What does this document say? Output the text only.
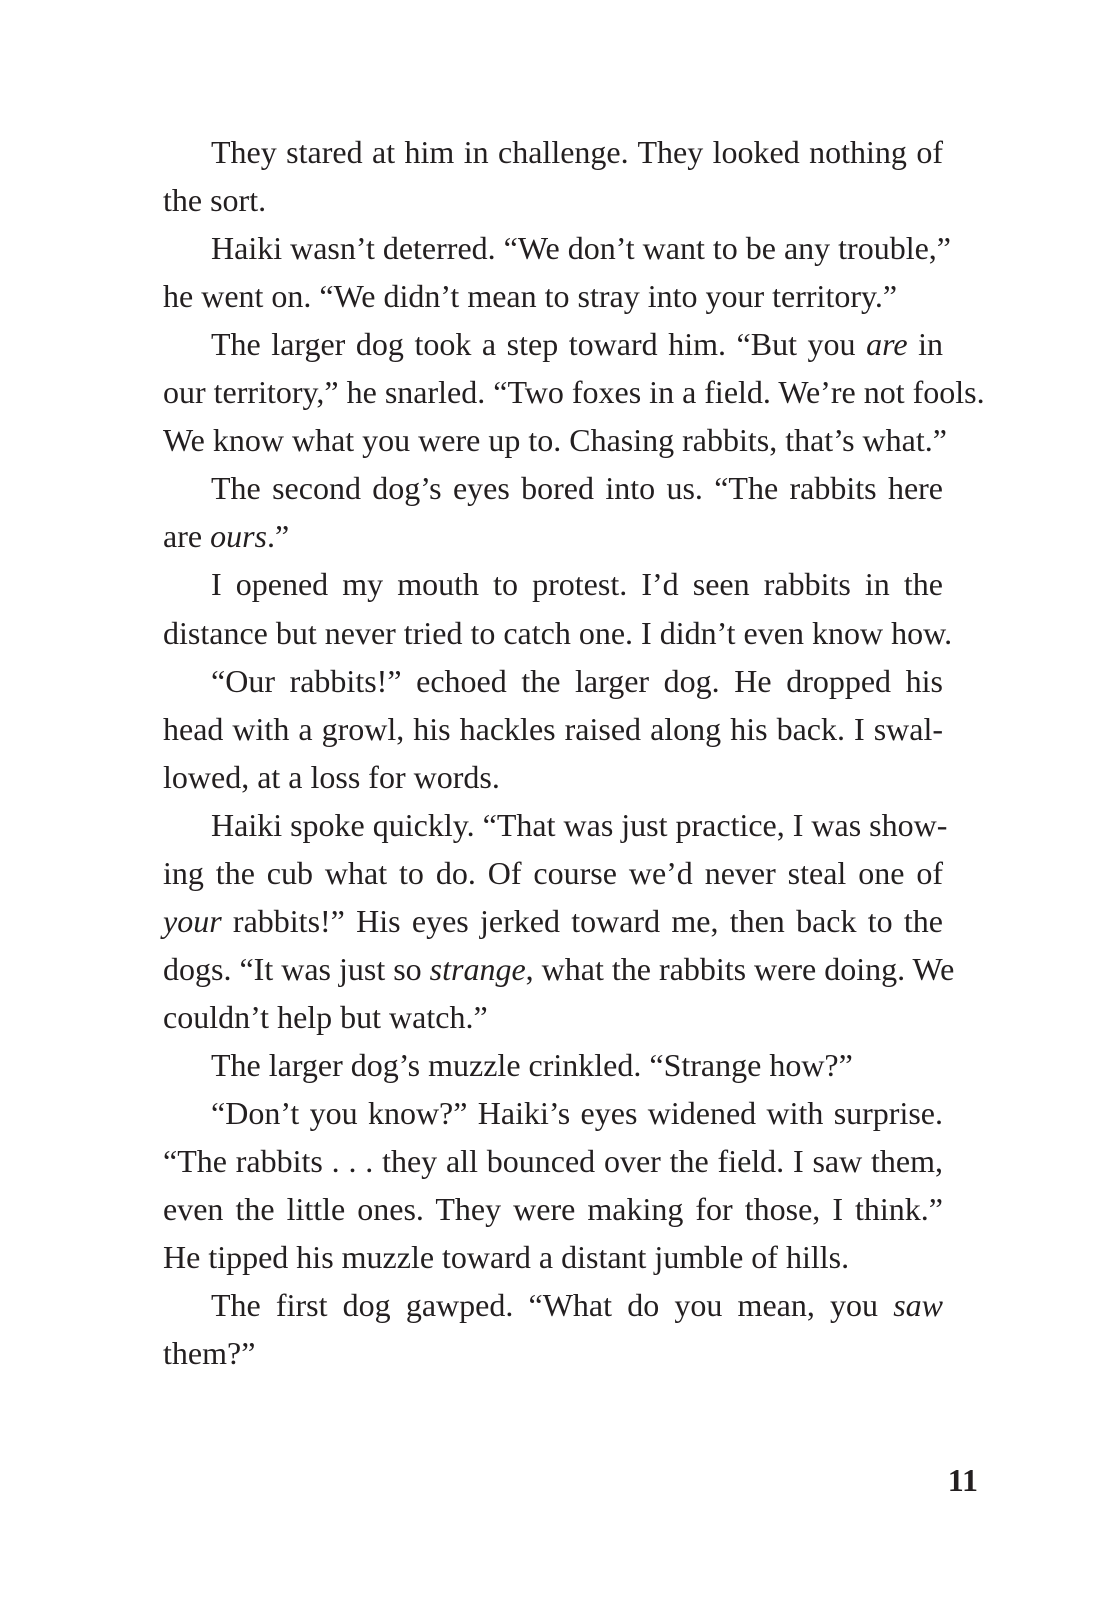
They stared at him in challenge. They looked nothing of
the sort.
Haiki wasn’t deterred. “We don’t want to be any trouble,”
he went on. “We didn’t mean to stray into your territory.”
The larger dog took a step toward him. “But you are in
our territory,” he snarled. “Two foxes in a field. We’re not fools.
We know what you were up to. Chasing rabbits, that’s what.”
The second dog’s eyes bored into us. “The rabbits here
are ours.”
I opened my mouth to protest. I’d seen rabbits in the
distance but never tried to catch one. I didn’t even know how.
“Our rabbits!” echoed the larger dog. He dropped his
head with a growl, his hackles raised along his back. I swal-
lowed, at a loss for words.
Haiki spoke quickly. “That was just practice, I was show-
ing the cub what to do. Of course we’d never steal one of
your rabbits!” His eyes jerked toward me, then back to the
dogs. “It was just so strange, what the rabbits were doing. We
couldn’t help but watch.”
The larger dog’s muzzle crinkled. “Strange how?”
“Don’t you know?” Haiki’s eyes widened with surprise.
“The rabbits . . . they all bounced over the field. I saw them,
even the little ones. They were making for those, I think.”
He tipped his muzzle toward a distant jumble of hills.
The first dog gawped. “What do you mean, you saw
them?”
11
